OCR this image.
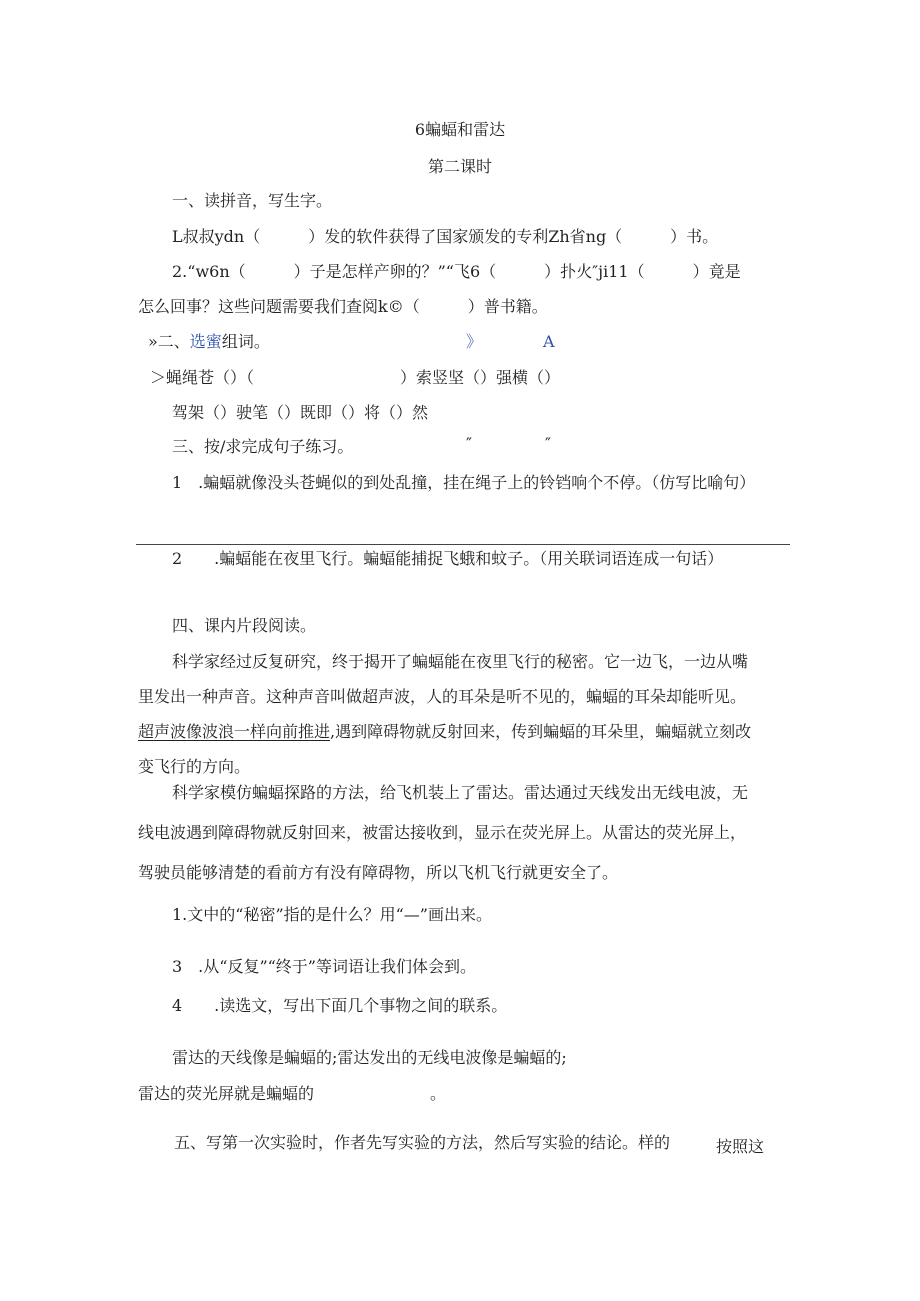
6蝙蝠和雷达
第二课时
一、读拼音，写生字。
L叔叔ydn（　　　）发的软件获得了国家颁发的专利Zh省ng（　　　）书。
2.“w6n（　　　）子是怎样产卵的？”“飞6（　　　）扑火″ji11（　　　）竟是
怎么回事？这些问题需要我们查阅k©（　　　）普书籍。
»二、选蜜组词。	》	A
＞蝇绳苍（）（	）索竖坚（）强横（）
驾架（）驶笔（）既即（）将（）然
三、按/求完成句子练习。	″	″
1　.蝙蝠就像没头苍蝇似的到处乱撞，挂在绳子上的铃铛响个不停。（仿写比喻句）
2　　.蝙蝠能在夜里飞行。蝙蝠能捕捉飞蛾和蚊子。（用关联词语连成一句话）
四、课内片段阅读。
科学家经过反复研究，终于揭开了蝙蝠能在夜里飞行的秘密。它一边飞，一边从嘴
里发出一种声音。这种声音叫做超声波，人的耳朵是听不见的，蝙蝠的耳朵却能听见。
超声波像波浪一样向前推进,遇到障碍物就反射回来，传到蝙蝠的耳朵里，蝙蝠就立刻改
变飞行的方向。
科学家模仿蝙蝠探路的方法，给飞机装上了雷达。雷达通过天线发出无线电波，无
线电波遇到障碍物就反射回来，被雷达接收到，显示在荧光屏上。从雷达的荧光屏上，
驾驶员能够清楚的看前方有没有障碍物，所以飞机飞行就更安全了。
1.文中的“秘密”指的是什么？用“—”画出来。
3　.从“反复”“终于”等词语让我们体会到。
4　　.读选文，写出下面几个事物之间的联系。
雷达的天线像是蝙蝠的;雷达发出的无线电波像是蝙蝠的;
雷达的荧光屏就是蝙蝠的	。
五、写第一次实验时，作者先写实验的方法，然后写实验的结论。样的	按照这
